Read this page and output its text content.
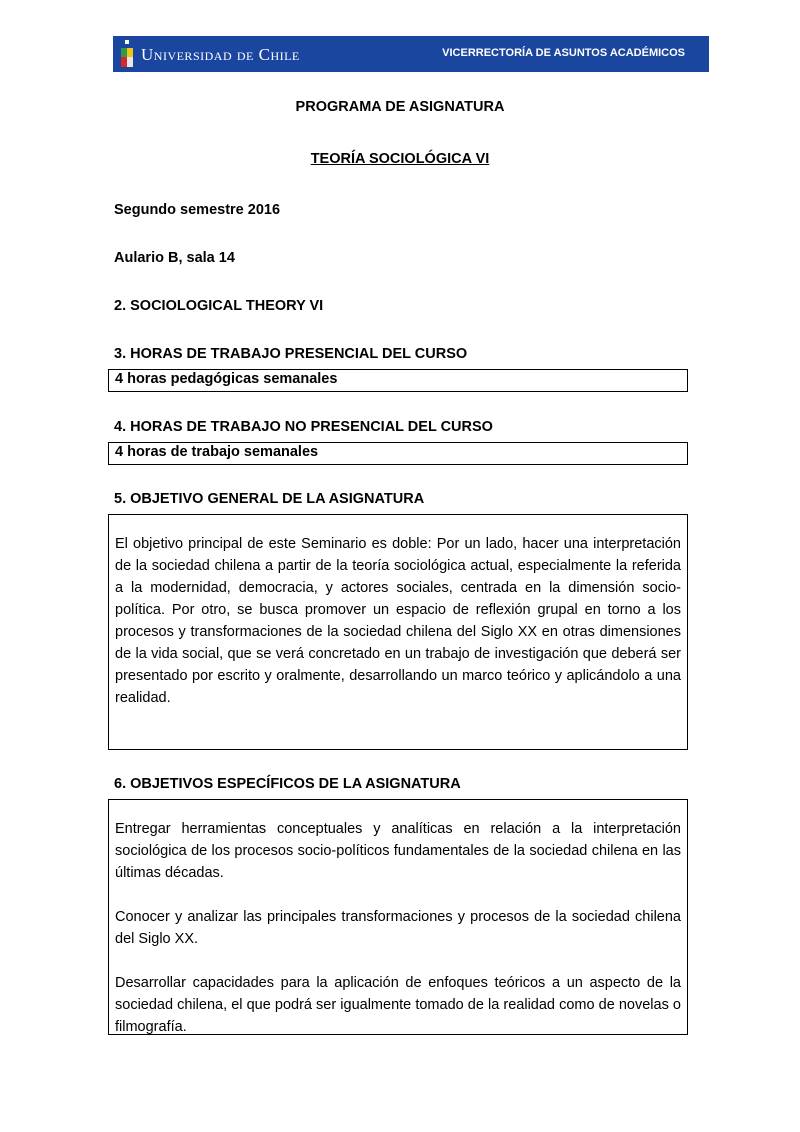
Universidad de Chile	VICERRECTORÍA DE ASUNTOS ACADÉMICOS
PROGRAMA DE ASIGNATURA
TEORÍA SOCIOLÓGICA VI
Segundo semestre 2016
Aulario B, sala 14
2. SOCIOLOGICAL THEORY VI
3. HORAS DE TRABAJO PRESENCIAL DEL CURSO
4 horas pedagógicas semanales
4. HORAS DE TRABAJO NO PRESENCIAL DEL CURSO
4 horas de trabajo semanales
5. OBJETIVO GENERAL DE LA ASIGNATURA

El objetivo principal de este Seminario es doble: Por un lado, hacer una interpretación de la sociedad chilena a partir de la teoría sociológica actual, especialmente la referida a la modernidad, democracia, y actores sociales, centrada en la dimensión socio-política. Por otro, se busca promover un espacio de reflexión grupal en torno a los procesos y transformaciones de la sociedad chilena del Siglo XX en otras dimensiones de la vida social, que se verá concretado en un trabajo de investigación que deberá ser presentado por escrito y oralmente, desarrollando un marco teórico y aplicándolo a una realidad.

6. OBJETIVOS ESPECÍFICOS DE LA ASIGNATURA

Entregar herramientas conceptuales y analíticas en relación a la interpretación sociológica de los procesos socio-políticos fundamentales de la sociedad chilena en las últimas décadas.

Conocer y analizar las principales transformaciones y procesos de la sociedad chilena del Siglo XX.

Desarrollar capacidades para la aplicación de enfoques teóricos a un aspecto de la sociedad chilena, el que podrá ser igualmente tomado de la realidad como de novelas o filmografía.
